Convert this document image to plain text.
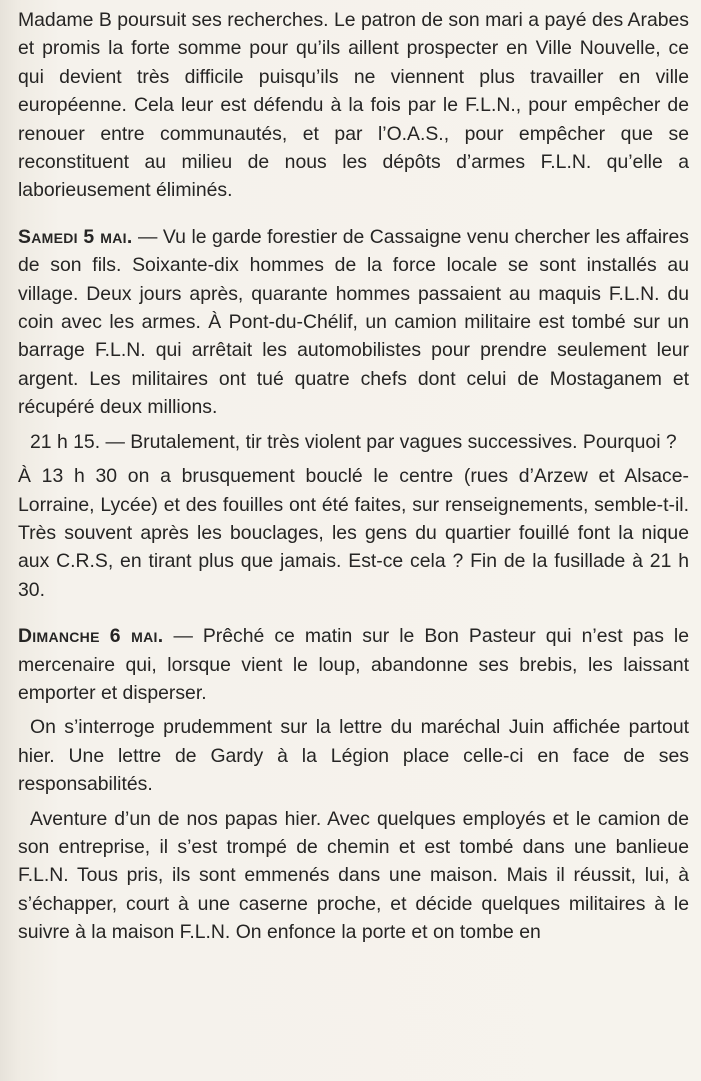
Madame B poursuit ses recherches. Le patron de son mari a payé des Arabes et promis la forte somme pour qu’ils aillent prospecter en Ville Nouvelle, ce qui devient très difficile puisqu’ils ne viennent plus travailler en ville européenne. Cela leur est défendu à la fois par le F.L.N., pour empêcher de renouer entre communautés, et par l’O.A.S., pour empêcher que se reconstituent au milieu de nous les dépôts d’armes F.L.N. qu’elle a laborieusement éliminés.

Samedi 5 mai. — Vu le garde forestier de Cassaigne venu chercher les affaires de son fils. Soixante-dix hommes de la force locale se sont installés au village. Deux jours après, quarante hommes passaient au maquis F.L.N. du coin avec les armes. À Pont-du-Chélif, un camion militaire est tombé sur un barrage F.L.N. qui arrêtait les automobilistes pour prendre seulement leur argent. Les militaires ont tué quatre chefs dont celui de Mostaganem et récupéré deux millions.

21 h 15. — Brutalement, tir très violent par vagues successives. Pourquoi ?

À 13 h 30 on a brusquement bouclé le centre (rues d’Arzew et Alsace-Lorraine, Lycée) et des fouilles ont été faites, sur renseignements, semble-t-il. Très souvent après les bouclages, les gens du quartier fouillé font la nique aux C.R.S, en tirant plus que jamais. Est-ce cela ? Fin de la fusillade à 21 h 30.

Dimanche 6 mai. — Prêché ce matin sur le Bon Pasteur qui n’est pas le mercenaire qui, lorsque vient le loup, abandonne ses brebis, les laissant emporter et disperser.

On s’interroge prudemment sur la lettre du maréchal Juin affichée partout hier. Une lettre de Gardy à la Légion place celle-ci en face de ses responsabilités.

Aventure d’un de nos papas hier. Avec quelques employés et le camion de son entreprise, il s’est trompé de chemin et est tombé dans une banlieue F.L.N. Tous pris, ils sont emmenés dans une maison. Mais il réussit, lui, à s’échapper, court à une caserne proche, et décide quelques militaires à le suivre à la maison F.L.N. On enfonce la porte et on tombe en
